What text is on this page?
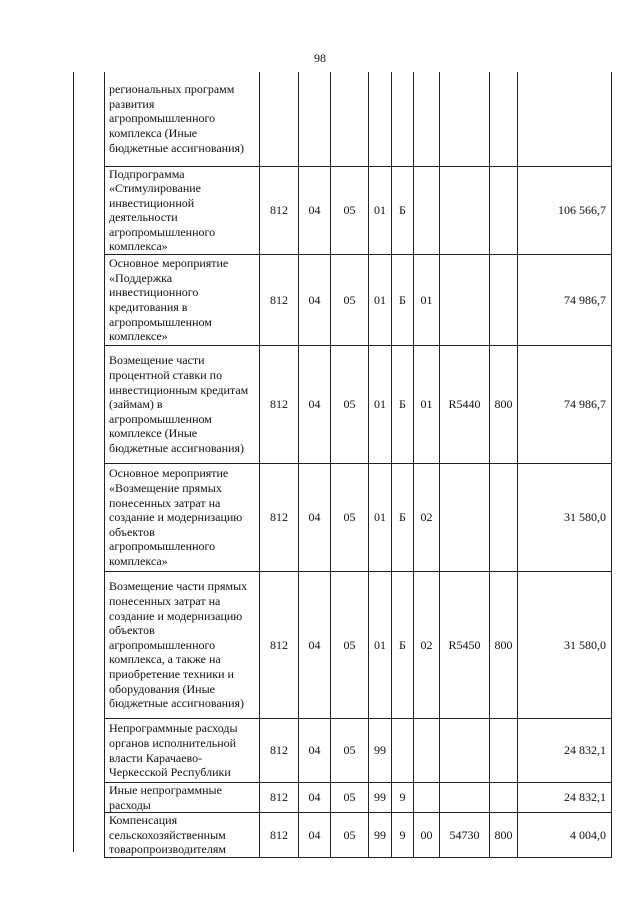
98
региональных программ развития агропромышленного комплекса (Иные бюджетные ассигнования)									
Подпрограмма «Стимулирование инвестиционной деятельности агропромышленного комплекса»	812	04	05	01	Б				106 566,7
Основное мероприятие «Поддержка инвестиционного кредитования в агропромышленном комплексе»	812	04	05	01	Б	01			74 986,7
Возмещение части процентной ставки по инвестиционным кредитам (займам) в агропромышленном комплексе (Иные бюджетные ассигнования)	812	04	05	01	Б	01	R5440	800	74 986,7
Основное мероприятие «Возмещение прямых понесенных затрат на создание и модернизацию объектов агропромышленного комплекса»	812	04	05	01	Б	02			31 580,0
Возмещение части прямых понесенных затрат на создание и модернизацию объектов агропромышленного комплекса, а также на приобретение техники и оборудования (Иные бюджетные ассигнования)	812	04	05	01	Б	02	R5450	800	31 580,0
Непрограммные расходы органов исполнительной власти Карачаево-Черкесской Республики	812	04	05	99					24 832,1
Иные непрограммные расходы	812	04	05	99	9				24 832,1
Компенсация сельскохозяйственным товаропроизводителям	812	04	05	99	9	00	54730	800	4 004,0
